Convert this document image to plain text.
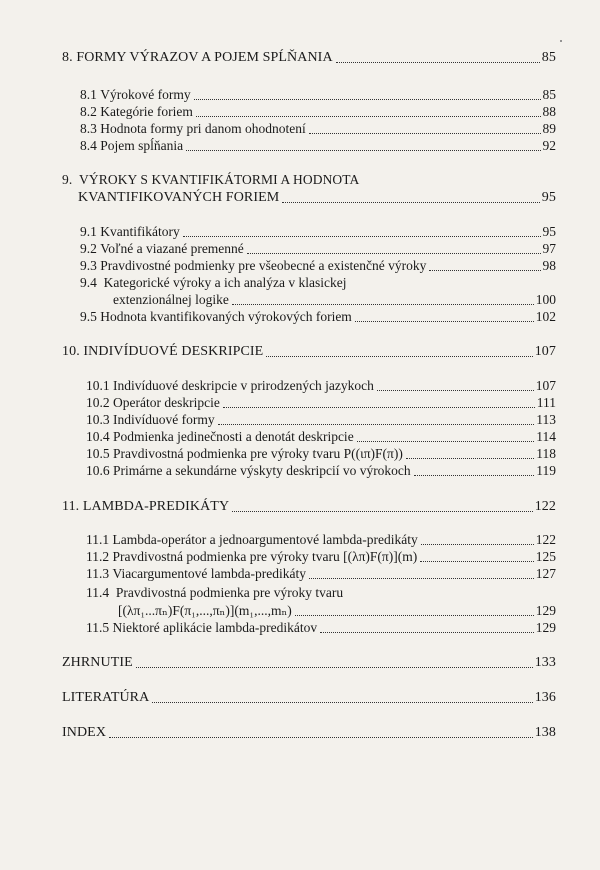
8.
FORMY VÝRAZOV A POJEM SPĹŇANIA	85
8.1
Výrokové formy	85
8.2
Kategórie foriem	88
8.3
Hodnota formy pri danom ohodnotení	89
8.4
Pojem spĺňania	92
9. VÝROKY S KVANTIFIKÁTORMI A HODNOTA
KVANTIFIKOVANÝCH FORIEM	95
9.1
Kvantifikátory	95
9.2
Voľné a viazané premenné	97
9.3
Pravdivostné podmienky pre všeobecné a existenčné výroky	98
9.4 Kategorické výroky a ich analýza v klasickej
extenzionálnej logike	100
9.5
Hodnota kvantifikovaných výrokových foriem	102
10.
INDIVÍDUOVÉ DESKRIPCIE	107
10.1
Indivíduové deskripcie v prirodzených jazykoch	107
10.2
Operátor deskripcie	111
10.3
Indivíduové formy	113
10.4
Podmienka jedinečnosti a denotát deskripcie	114
10.5
Pravdivostná podmienka pre výroky tvaru P((ιπ)F(π))	118
10.6
Primárne a sekundárne výskyty deskripcií vo výrokoch	119
11.
LAMBDA-PREDIKÁTY	122
11.1
Lambda-operátor a jednoargumentové lambda-predikáty	122
11.2
Pravdivostná podmienka pre výroky tvaru [(λπ)F(π)](m)	125
11.3
Viacargumentové lambda-predikáty	127
11.4 Pravdivostná podmienka pre výroky tvaru
[(λπ₁...πₙ)F(π₁,...,πₙ)](m₁,...,mₙ)	129
11.5
Niektoré aplikácie lambda-predikátov	129
ZHRNUTIE	133
LITERATÚRA	136
INDEX	138
